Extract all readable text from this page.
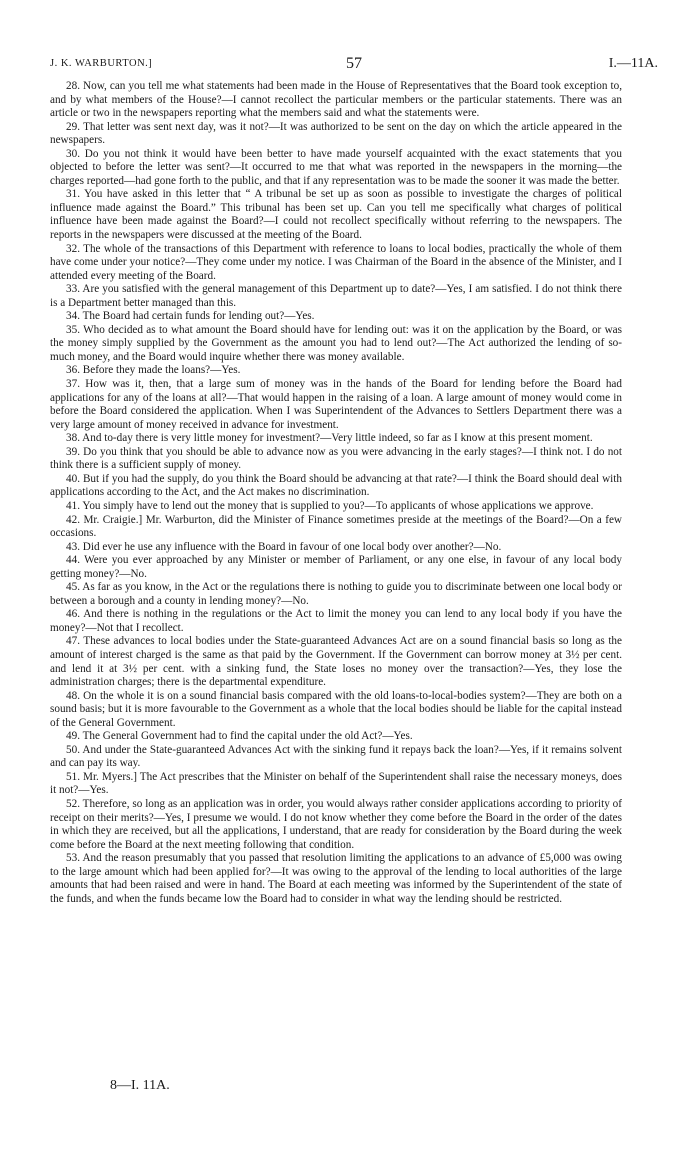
J. K. WARBURTON.]	57	I.—11A.

28. Now, can you tell me what statements had been made in the House of Representatives that the Board took exception to, and by what members of the House?—I cannot recollect the particular members or the particular statements. There was an article or two in the newspapers reporting what the members said and what the statements were.

29. That letter was sent next day, was it not?—It was authorized to be sent on the day on which the article appeared in the newspapers.

30. Do you not think it would have been better to have made yourself acquainted with the exact statements that you objected to before the letter was sent?—It occurred to me that what was reported in the newspapers in the morning—the charges reported—had gone forth to the public, and that if any representation was to be made the sooner it was made the better.

31. You have asked in this letter that “ A tribunal be set up as soon as possible to investigate the charges of political influence made against the Board.” This tribunal has been set up. Can you tell me specifically what charges of political influence have been made against the Board?—I could not recollect specifically without referring to the newspapers. The reports in the newspapers were discussed at the meeting of the Board.

32. The whole of the transactions of this Department with reference to loans to local bodies, practically the whole of them have come under your notice?—They come under my notice. I was Chairman of the Board in the absence of the Minister, and I attended every meeting of the Board.

33. Are you satisfied with the general management of this Department up to date?—Yes, I am satisfied. I do not think there is a Department better managed than this.

34. The Board had certain funds for lending out?—Yes.

35. Who decided as to what amount the Board should have for lending out: was it on the application by the Board, or was the money simply supplied by the Government as the amount you had to lend out?—The Act authorized the lending of so-much money, and the Board would inquire whether there was money available.

36. Before they made the loans?—Yes.

37. How was it, then, that a large sum of money was in the hands of the Board for lending before the Board had applications for any of the loans at all?—That would happen in the raising of a loan. A large amount of money would come in before the Board considered the application. When I was Superintendent of the Advances to Settlers Department there was a very large amount of money received in advance for investment.

38. And to-day there is very little money for investment?—Very little indeed, so far as I know at this present moment.

39. Do you think that you should be able to advance now as you were advancing in the early stages?—I think not. I do not think there is a sufficient supply of money.

40. But if you had the supply, do you think the Board should be advancing at that rate?—I think the Board should deal with applications according to the Act, and the Act makes no discrimination.

41. You simply have to lend out the money that is supplied to you?—To applicants of whose applications we approve.

42. Mr. Craigie.] Mr. Warburton, did the Minister of Finance sometimes preside at the meetings of the Board?—On a few occasions.

43. Did ever he use any influence with the Board in favour of one local body over another?—No.

44. Were you ever approached by any Minister or member of Parliament, or any one else, in favour of any local body getting money?—No.

45. As far as you know, in the Act or the regulations there is nothing to guide you to discriminate between one local body or between a borough and a county in lending money?—No.

46. And there is nothing in the regulations or the Act to limit the money you can lend to any local body if you have the money?—Not that I recollect.

47. These advances to local bodies under the State-guaranteed Advances Act are on a sound financial basis so long as the amount of interest charged is the same as that paid by the Government. If the Government can borrow money at 3½ per cent. and lend it at 3½ per cent. with a sinking fund, the State loses no money over the transaction?—Yes, they lose the administration charges; there is the departmental expenditure.

48. On the whole it is on a sound financial basis compared with the old loans-to-local-bodies system?—They are both on a sound basis; but it is more favourable to the Government as a whole that the local bodies should be liable for the capital instead of the General Government.

49. The General Government had to find the capital under the old Act?—Yes.

50. And under the State-guaranteed Advances Act with the sinking fund it repays back the loan?—Yes, if it remains solvent and can pay its way.

51. Mr. Myers.] The Act prescribes that the Minister on behalf of the Superintendent shall raise the necessary moneys, does it not?—Yes.

52. Therefore, so long as an application was in order, you would always rather consider applications according to priority of receipt on their merits?—Yes, I presume we would. I do not know whether they come before the Board in the order of the dates in which they are received, but all the applications, I understand, that are ready for consideration by the Board during the week come before the Board at the next meeting following that condition.

53. And the reason presumably that you passed that resolution limiting the applications to an advance of £5,000 was owing to the large amount which had been applied for?—It was owing to the approval of the lending to local authorities of the large amounts that had been raised and were in hand. The Board at each meeting was informed by the Superintendent of the state of the funds, and when the funds became low the Board had to consider in what way the lending should be restricted.

8—I. 11A.
